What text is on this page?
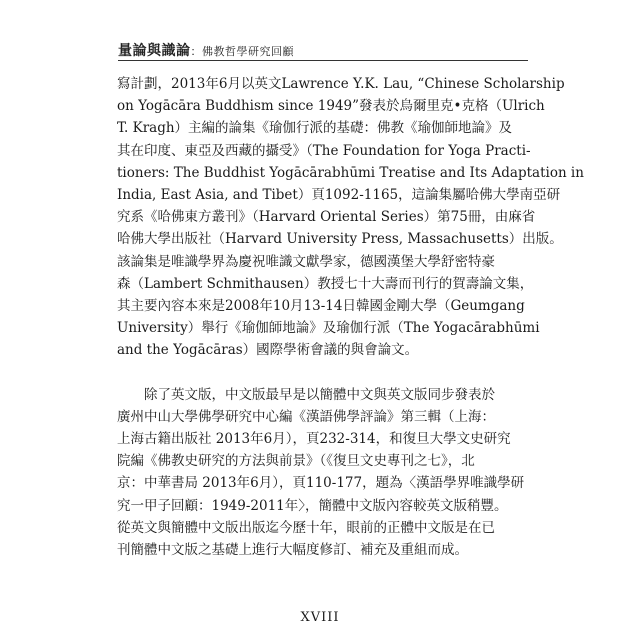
量論與識論：佛教哲學研究回顧
寫計劃，2013年6月以英文Lawrence Y.K. Lau, “Chinese Scholarship
on Yogācāra Buddhism since 1949”發表於烏爾里克•克格（Ulrich
T. Kragh）主編的論集《瑜伽行派的基礎：佛教《瑜伽師地論》及
其在印度、東亞及西藏的攝受》（The Foundation for Yoga Practi-
tioners: The Buddhist Yogācārabhūmi Treatise and Its Adaptation in
India, East Asia, and Tibet）頁1092-1165，這論集屬哈佛大學南亞研
究系《哈佛東方叢刊》（Harvard Oriental Series）第75冊，由麻省
哈佛大學出版社（Harvard University Press, Massachusetts）出版。
該論集是唯識學界為慶祝唯識文獻學家，德國漢堡大學舒密特豪
森（Lambert Schmithausen）教授七十大壽而刊行的賀壽論文集，
其主要內容本來是2008年10月13-14日韓國金剛大學（Geumgang
University）舉行《瑜伽師地論》及瑜伽行派（The Yogacārabhūmi
and the Yogācāras）國際學術會議的與會論文。
除了英文版，中文版最早是以簡體中文與英文版同步發表於
廣州中山大學佛學研究中心編《漢語佛學評論》第三輯（上海：
上海古籍出版社 2013年6月），頁232-314，和復旦大學文史研究
院編《佛教史研究的方法與前景》（《復旦文史專刊之七》，北
京：中華書局 2013年6月），頁110-177，題為〈漢語學界唯識學研
究一甲子回顧：1949-2011年〉，簡體中文版內容較英文版稍豐。
從英文與簡體中文版出版迄今歷十年，眼前的正體中文版是在已
刊簡體中文版之基礎上進行大幅度修訂、補充及重組而成。
XVIII
